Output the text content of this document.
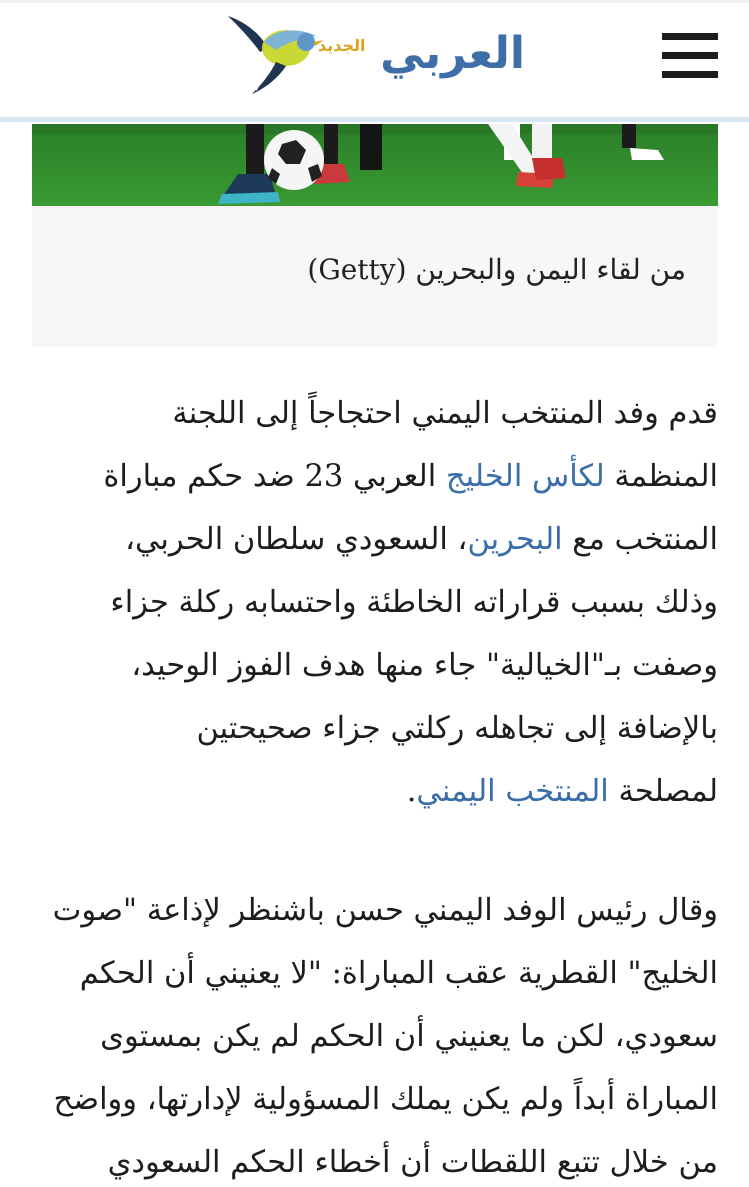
الجديد العربي
من لقاء اليمن والبحرين (Getty)
قدم وفد المنتخب اليمني احتجاجاً إلى اللجنة
المنظمة لكأس الخليج العربي 23 ضد حكم مباراة
المنتخب مع البحرين، السعودي سلطان الحربي،
وذلك بسبب قراراته الخاطئة واحتسابه ركلة جزاء
وصفت بـ"الخيالية" جاء منها هدف الفوز الوحيد،
بالإضافة إلى تجاهله ركلتي جزاء صحيحتين
لمصلحة المنتخب اليمني.
وقال رئيس الوفد اليمني حسن باشنظر لإذاعة "صوت
الخليج" القطرية عقب المباراة: "لا يعنيني أن الحكم
سعودي، لكن ما يعنيني أن الحكم لم يكن بمستوى
المباراة أبداً ولم يكن يملك المسؤولية لإدارتها، وواضح
من خلال تتبع اللقطات أن أخطاء الحكم السعودي
